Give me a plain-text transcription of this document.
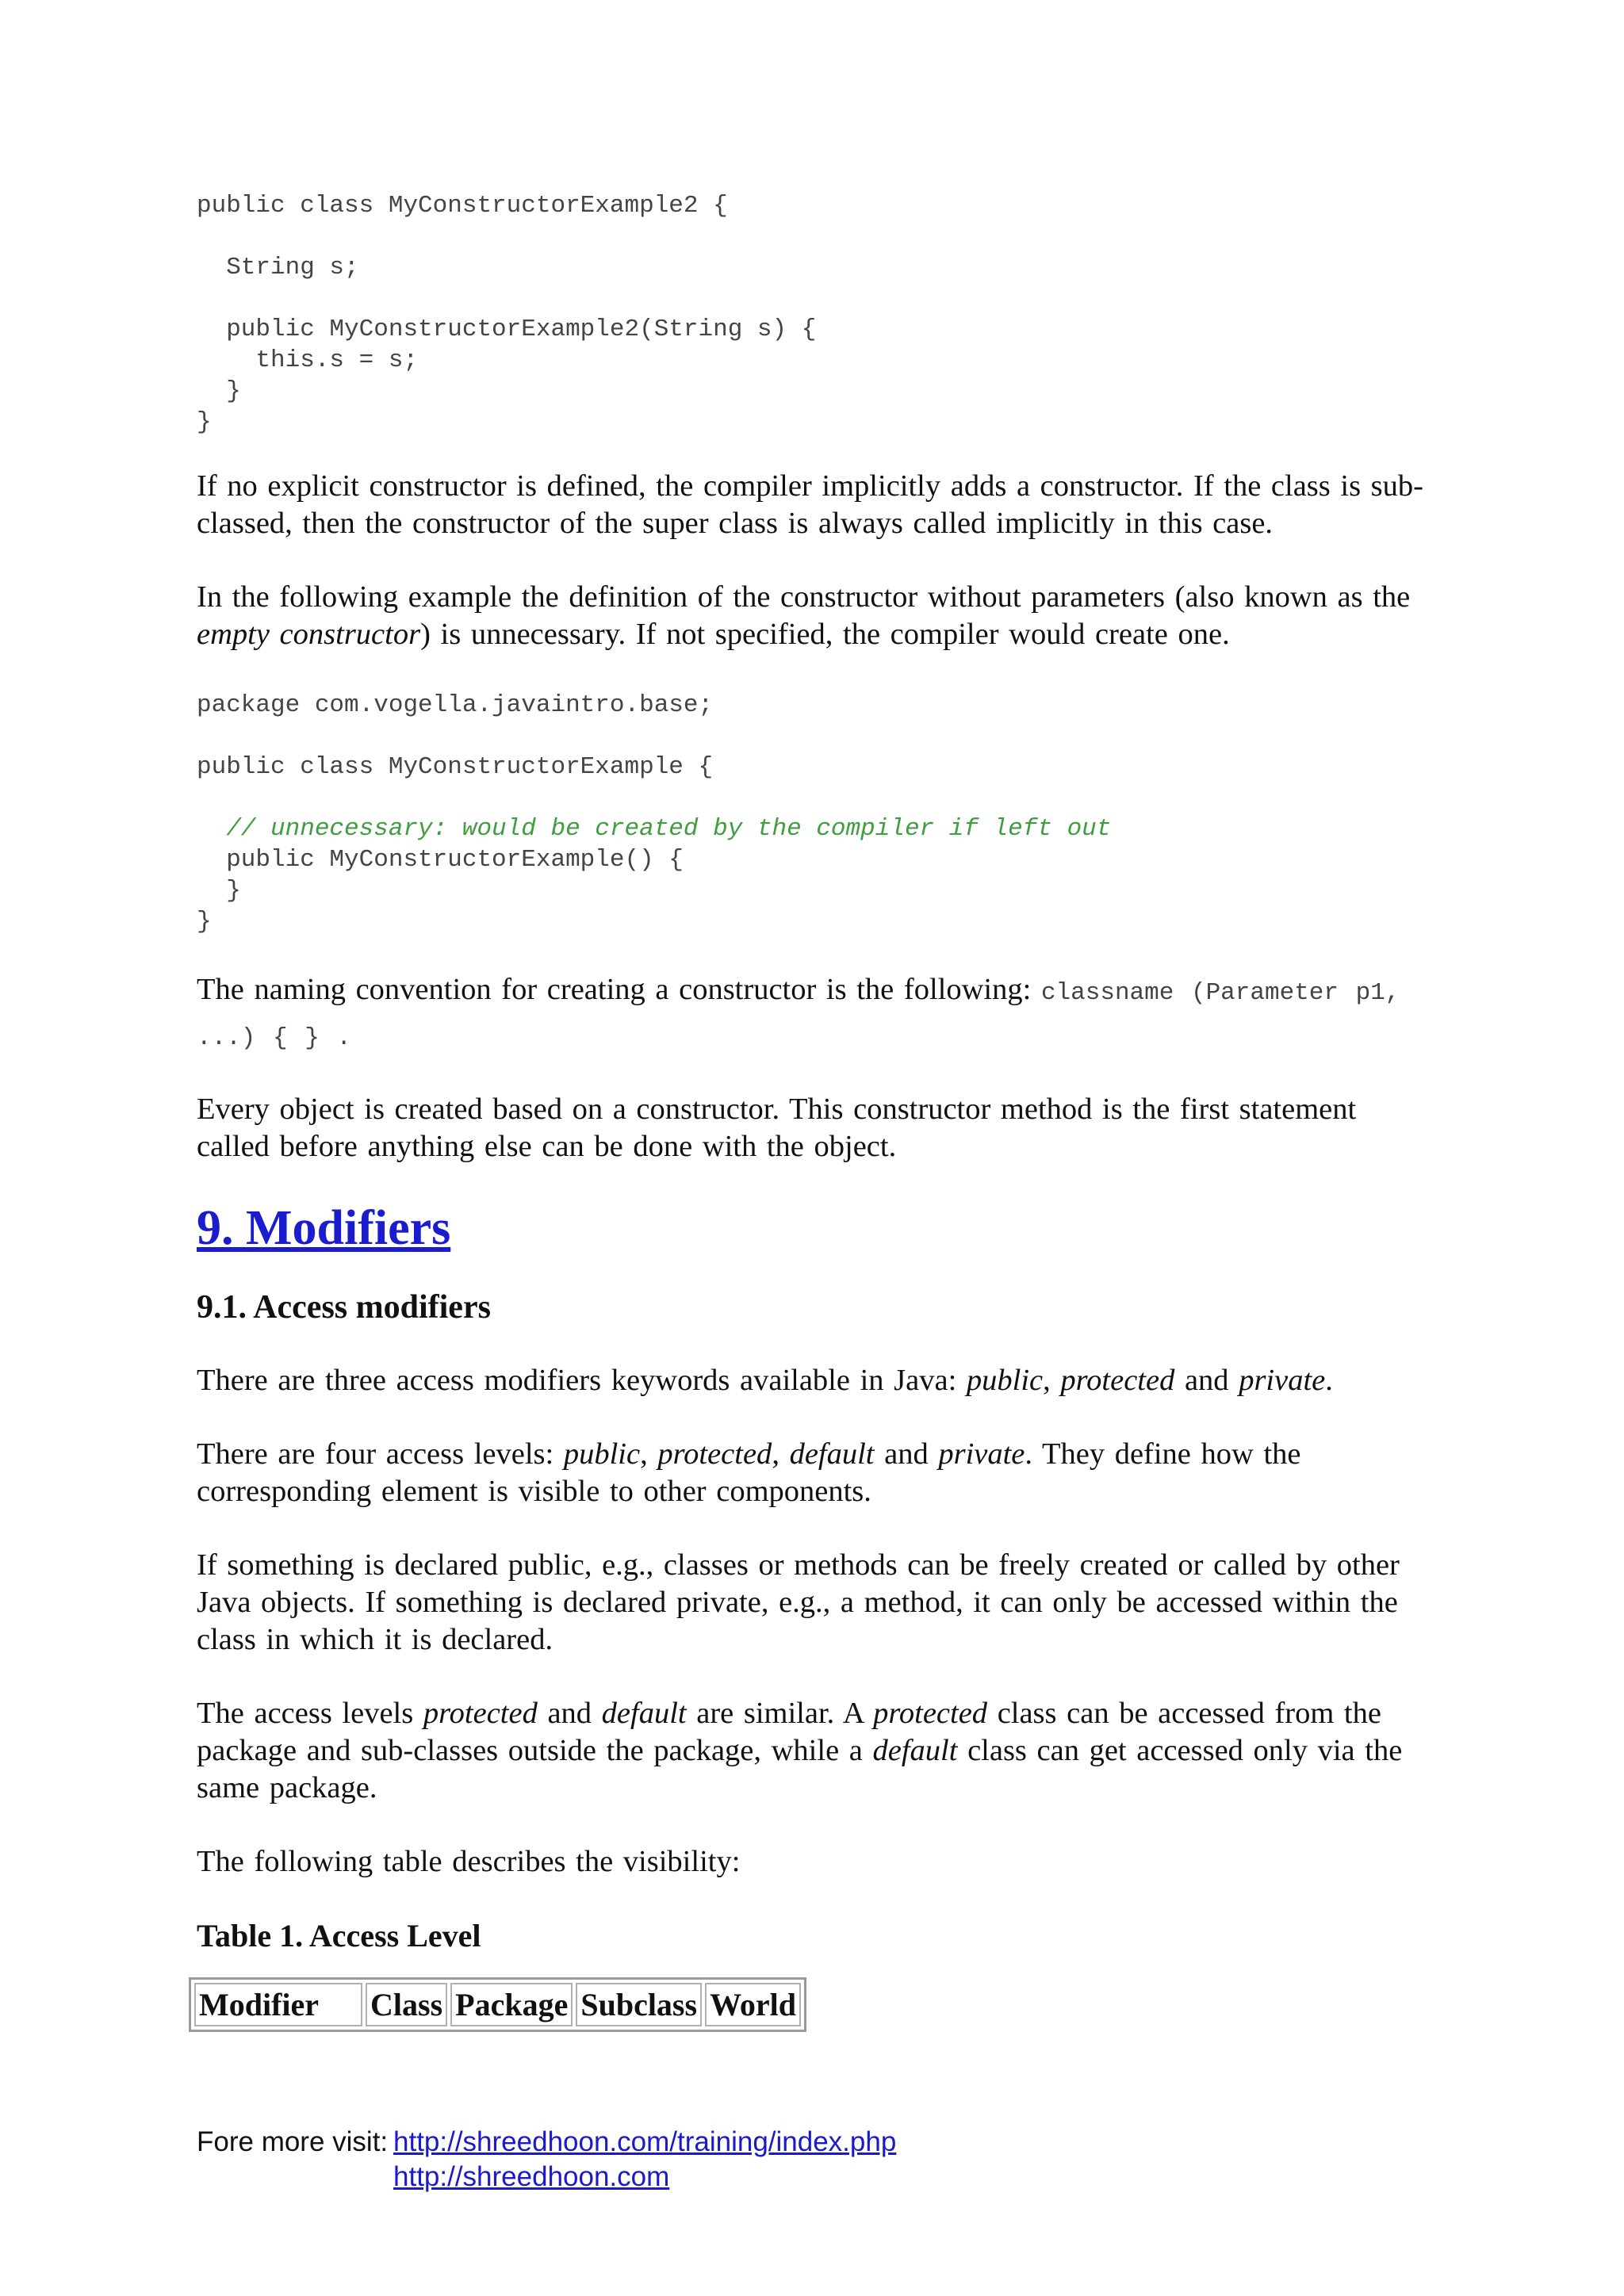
public class MyConstructorExample2 {

String s;

public MyConstructorExample2(String s) {
this.s = s;
}
}

If no explicit constructor is defined, the compiler implicitly adds a constructor. If the class is sub-classed, then the constructor of the super class is always called implicitly in this case.

In the following example the definition of the constructor without parameters (also known as the empty constructor) is unnecessary. If not specified, the compiler would create one.

package com.vogella.javaintro.base;

public class MyConstructorExample {

// unnecessary: would be created by the compiler if left out
public MyConstructorExample() {
}
}

The naming convention for creating a constructor is the following: classname (Parameter p1, ...) { } .

Every object is created based on a constructor. This constructor method is the first statement called before anything else can be done with the object.

9. Modifiers
9.1. Access modifiers

There are three access modifiers keywords available in Java: public, protected and private.

There are four access levels: public, protected, default and private. They define how the corresponding element is visible to other components.

If something is declared public, e.g., classes or methods can be freely created or called by other Java objects. If something is declared private, e.g., a method, it can only be accessed within the class in which it is declared.

The access levels protected and default are similar. A protected class can be accessed from the package and sub-classes outside the package, while a default class can get accessed only via the same package.

The following table describes the visibility:

Table 1. Access Level

Modifier	Class	Package	Subclass	World
Fore more visit: http://shreedhoon.com/training/index.php
http://shreedhoon.com
